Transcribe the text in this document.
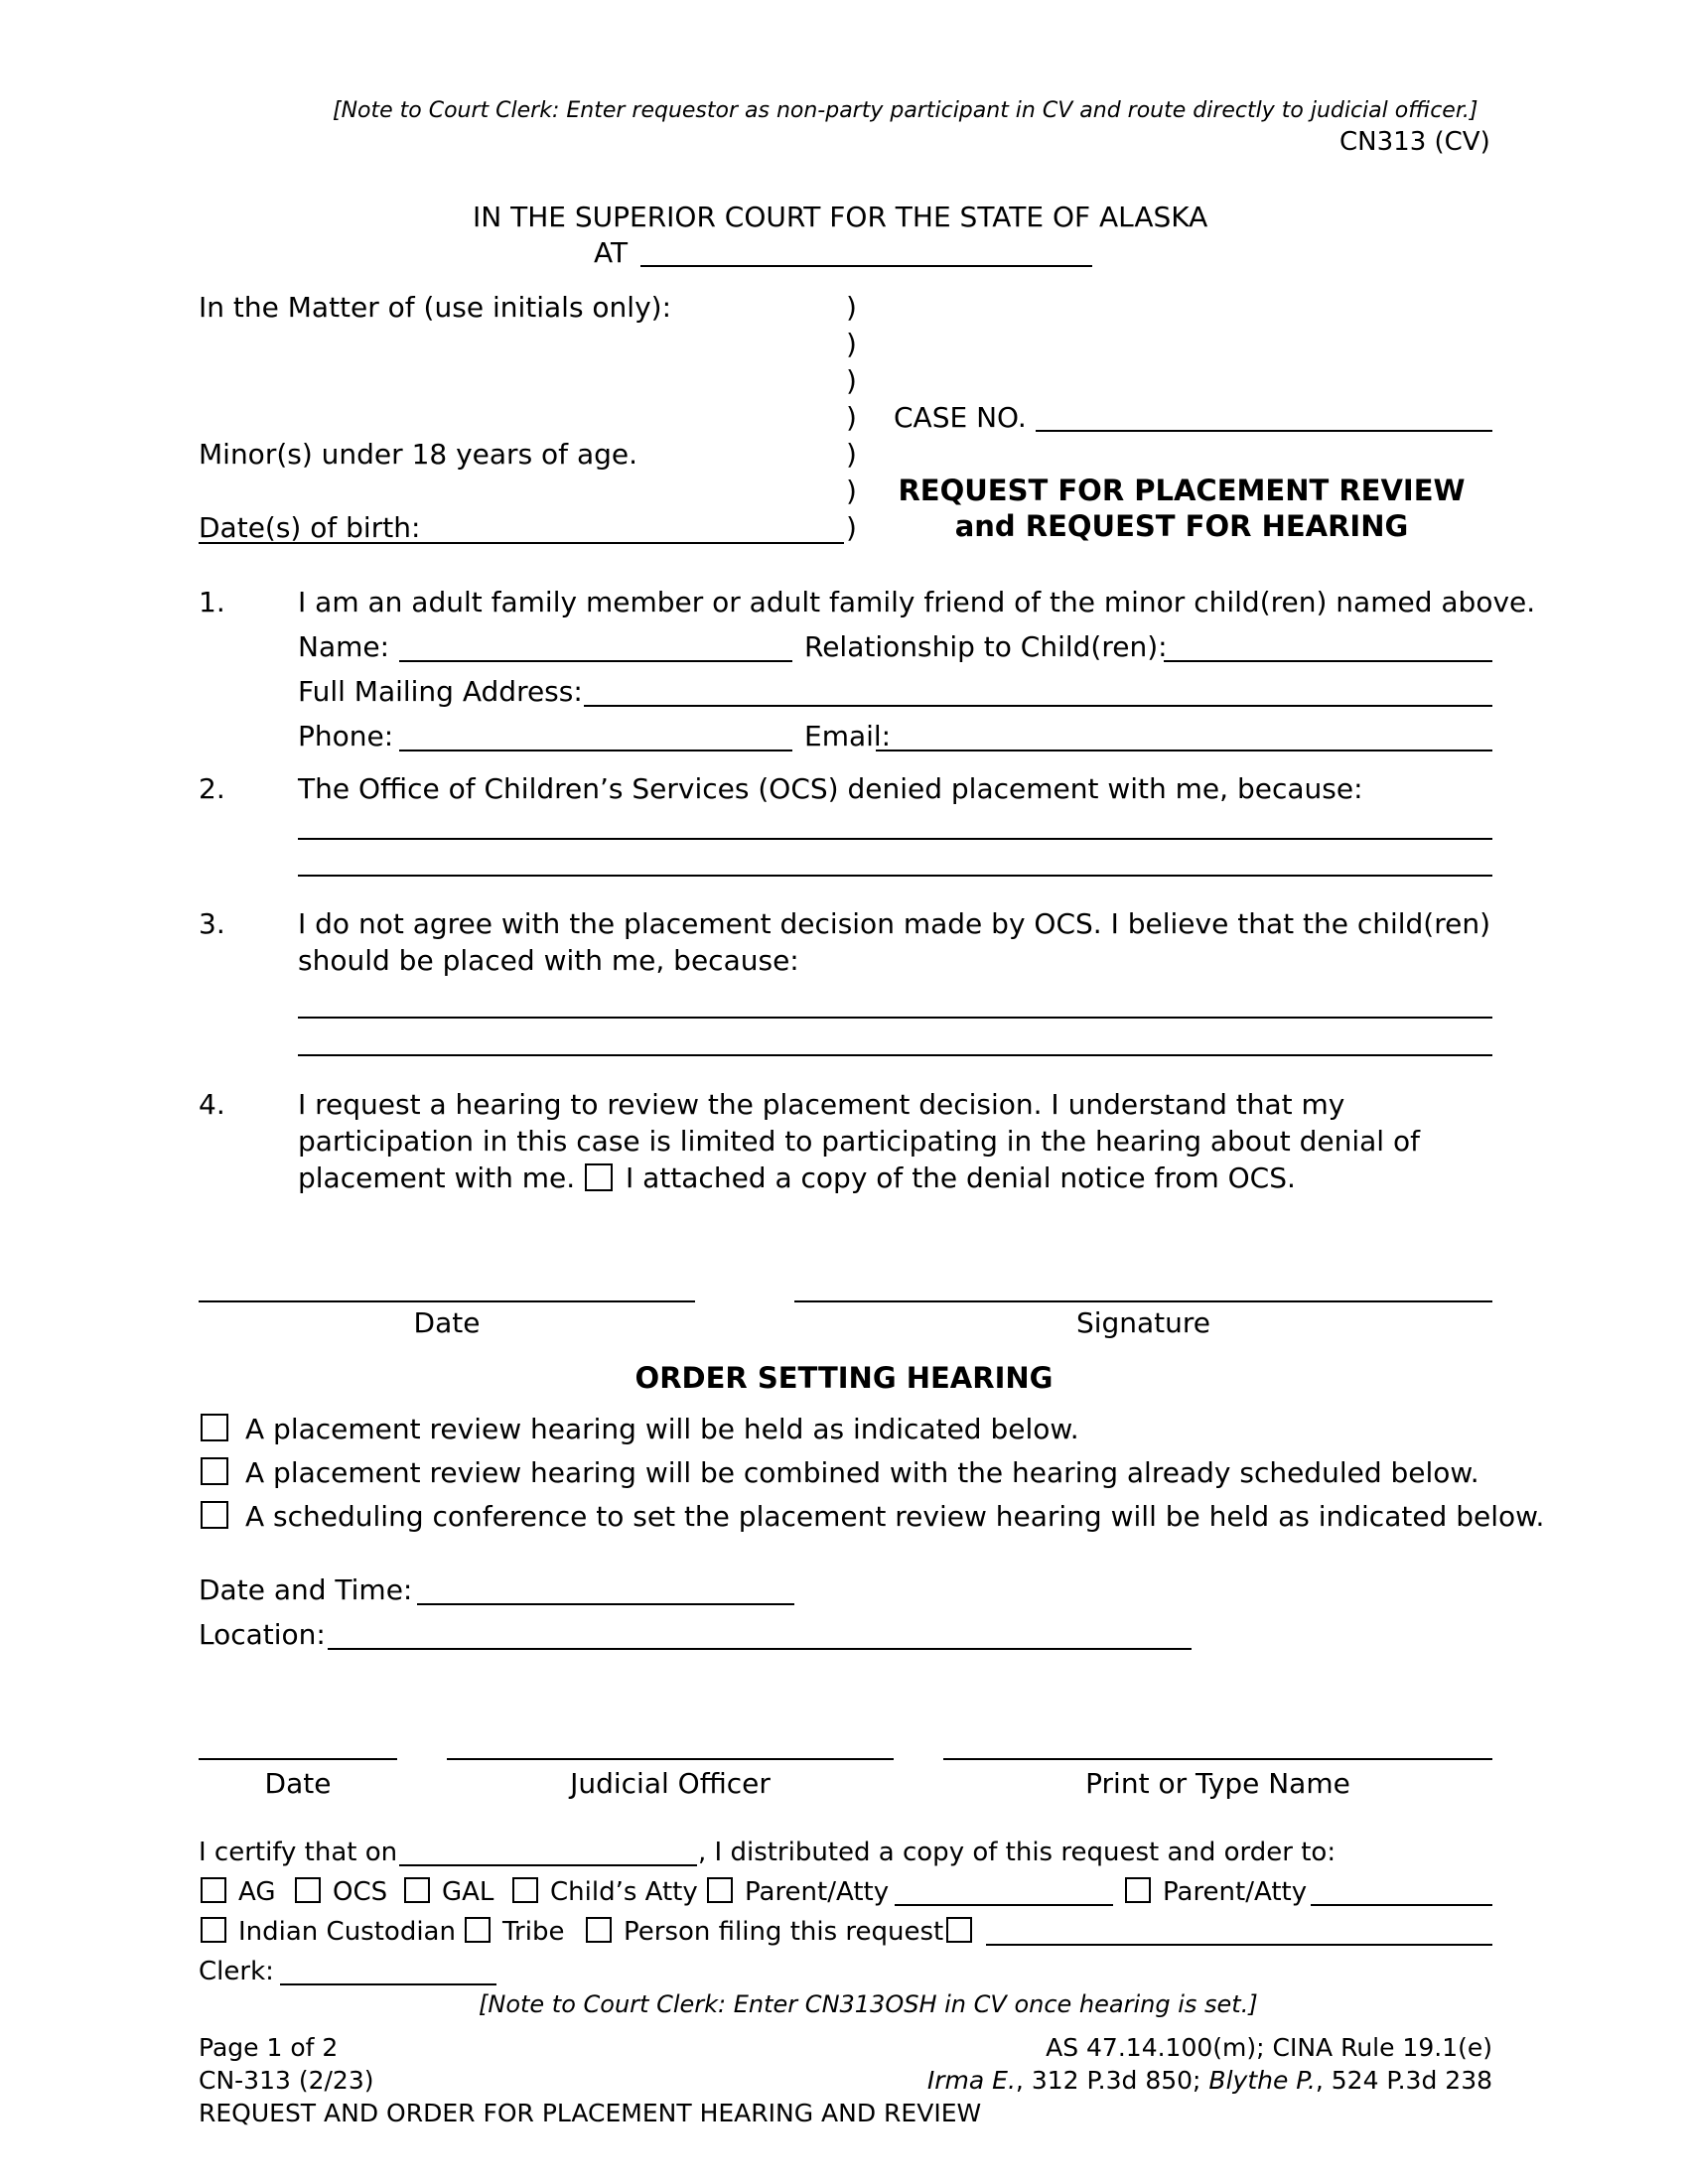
[Note to Court Clerk: Enter requestor as non-party participant in CV and route directly to judicial officer.]
CN313 (CV)
IN THE SUPERIOR COURT FOR THE STATE OF ALASKA
AT
In the Matter of (use initials only):	)
)
)
)
)
)
)
CASE NO.
Minor(s) under 18 years of age.
Date(s) of birth:
REQUEST FOR PLACEMENT REVIEW
and REQUEST FOR HEARING
1.	I am an adult family member or adult family friend of the minor child(ren) named above.
Name:	Relationship to Child(ren):
Full Mailing Address:
Phone:	Email:
2.	The Office of Children’s Services (OCS) denied placement with me, because:
3.	I do not agree with the placement decision made by OCS. I believe that the child(ren)
should be placed with me, because:
4.	I request a hearing to review the placement decision. I understand that my
participation in this case is limited to participating in the hearing about denial of
placement with me. I attached a copy of the denial notice from OCS.
Date	Signature
ORDER SETTING HEARING
A placement review hearing will be held as indicated below.
A placement review hearing will be combined with the hearing already scheduled below.
A scheduling conference to set the placement review hearing will be held as indicated below.
Date and Time:
Location:
Date	Judicial Officer	Print or Type Name
I certify that on	, I distributed a copy of this request and order to:
AG OCS GAL Child’s Atty Parent/Atty	Parent/Atty
Indian Custodian Tribe Person filing this request
Clerk:
[Note to Court Clerk: Enter CN313OSH in CV once hearing is set.]
Page 1 of 2
CN-313 (2/23)
REQUEST AND ORDER FOR PLACEMENT HEARING AND REVIEW
AS 47.14.100(m); CINA Rule 19.1(e)
Irma E., 312 P.3d 850; Blythe P., 524 P.3d 238
